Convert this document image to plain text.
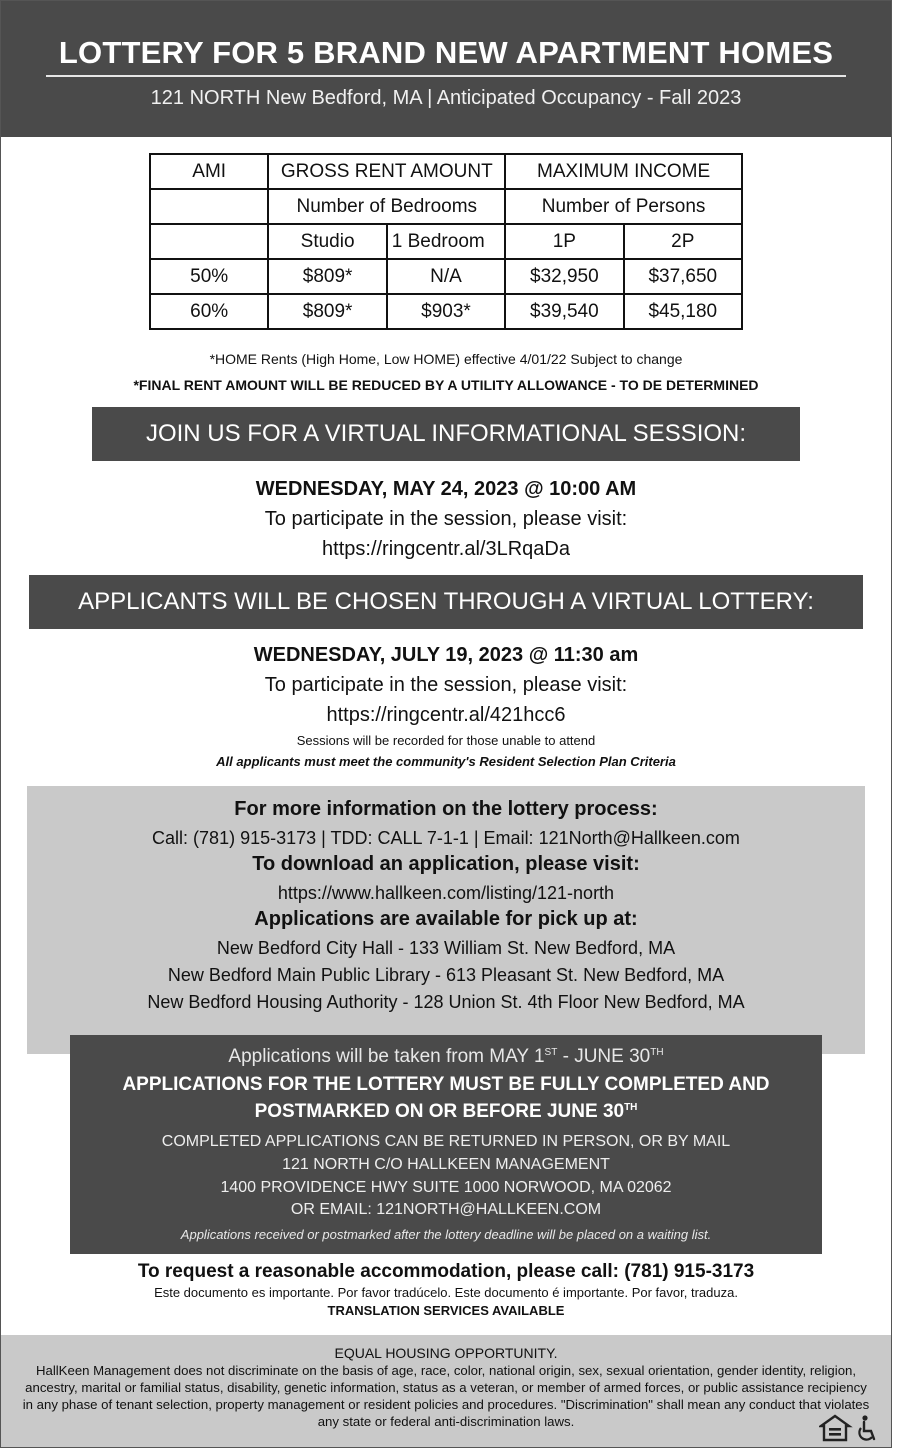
LOTTERY FOR 5 BRAND NEW APARTMENT HOMES
121 NORTH New Bedford, MA | Anticipated Occupancy - Fall 2023
AMI	GROSS RENT AMOUNT		MAXIMUM INCOME	
	Number of Bedrooms		Number of Persons	
	Studio	1 Bedroom	1P	2P
50%	$809*	N/A	$32,950	$37,650
60%	$809*	$903*	$39,540	$45,180
*HOME Rents (High Home, Low HOME) effective 4/01/22 Subject to change
*FINAL RENT AMOUNT WILL BE REDUCED BY A UTILITY ALLOWANCE - TO DE DETERMINED
JOIN US FOR A VIRTUAL INFORMATIONAL SESSION:
WEDNESDAY, MAY 24, 2023 @ 10:00 AM
To participate in the session, please visit:
https://ringcentr.al/3LRqaDa
APPLICANTS WILL BE CHOSEN THROUGH A VIRTUAL LOTTERY:
WEDNESDAY, JULY 19, 2023 @ 11:30 am
To participate in the session, please visit:
https://ringcentr.al/421hcc6
Sessions will be recorded for those unable to attend
All applicants must meet the community's Resident Selection Plan Criteria
For more information on the lottery process:
Call: (781) 915-3173 | TDD: CALL 7-1-1 | Email: 121North@Hallkeen.com
To download an application, please visit:
https://www.hallkeen.com/listing/121-north
Applications are available for pick up at:
New Bedford City Hall - 133 William St. New Bedford, MA
New Bedford Main Public Library - 613 Pleasant St. New Bedford, MA
New Bedford Housing Authority - 128 Union St. 4th Floor New Bedford, MA
Applications will be taken from MAY 1ST - JUNE 30TH
APPLICATIONS FOR THE LOTTERY MUST BE FULLY COMPLETED AND
POSTMARKED ON OR BEFORE JUNE 30TH
COMPLETED APPLICATIONS CAN BE RETURNED IN PERSON, OR BY MAIL
121 NORTH C/O HALLKEEN MANAGEMENT
1400 PROVIDENCE HWY SUITE 1000 NORWOOD, MA 02062
OR EMAIL: 121NORTH@HALLKEEN.COM
Applications received or postmarked after the lottery deadline will be placed on a waiting list.
To request a reasonable accommodation, please call: (781) 915-3173
Este documento es importante. Por favor tradúcelo. Este documento é importante. Por favor, traduza.
TRANSLATION SERVICES AVAILABLE
EQUAL HOUSING OPPORTUNITY.
HallKeen Management does not discriminate on the basis of age, race, color, national origin, sex, sexual orientation, gender identity, religion, ancestry, marital or familial status, disability, genetic information, status as a veteran, or member of armed forces, or public assistance recipiency in any phase of tenant selection, property management or resident policies and procedures. "Discrimination" shall mean any conduct that violates any state or federal anti-discrimination laws.
